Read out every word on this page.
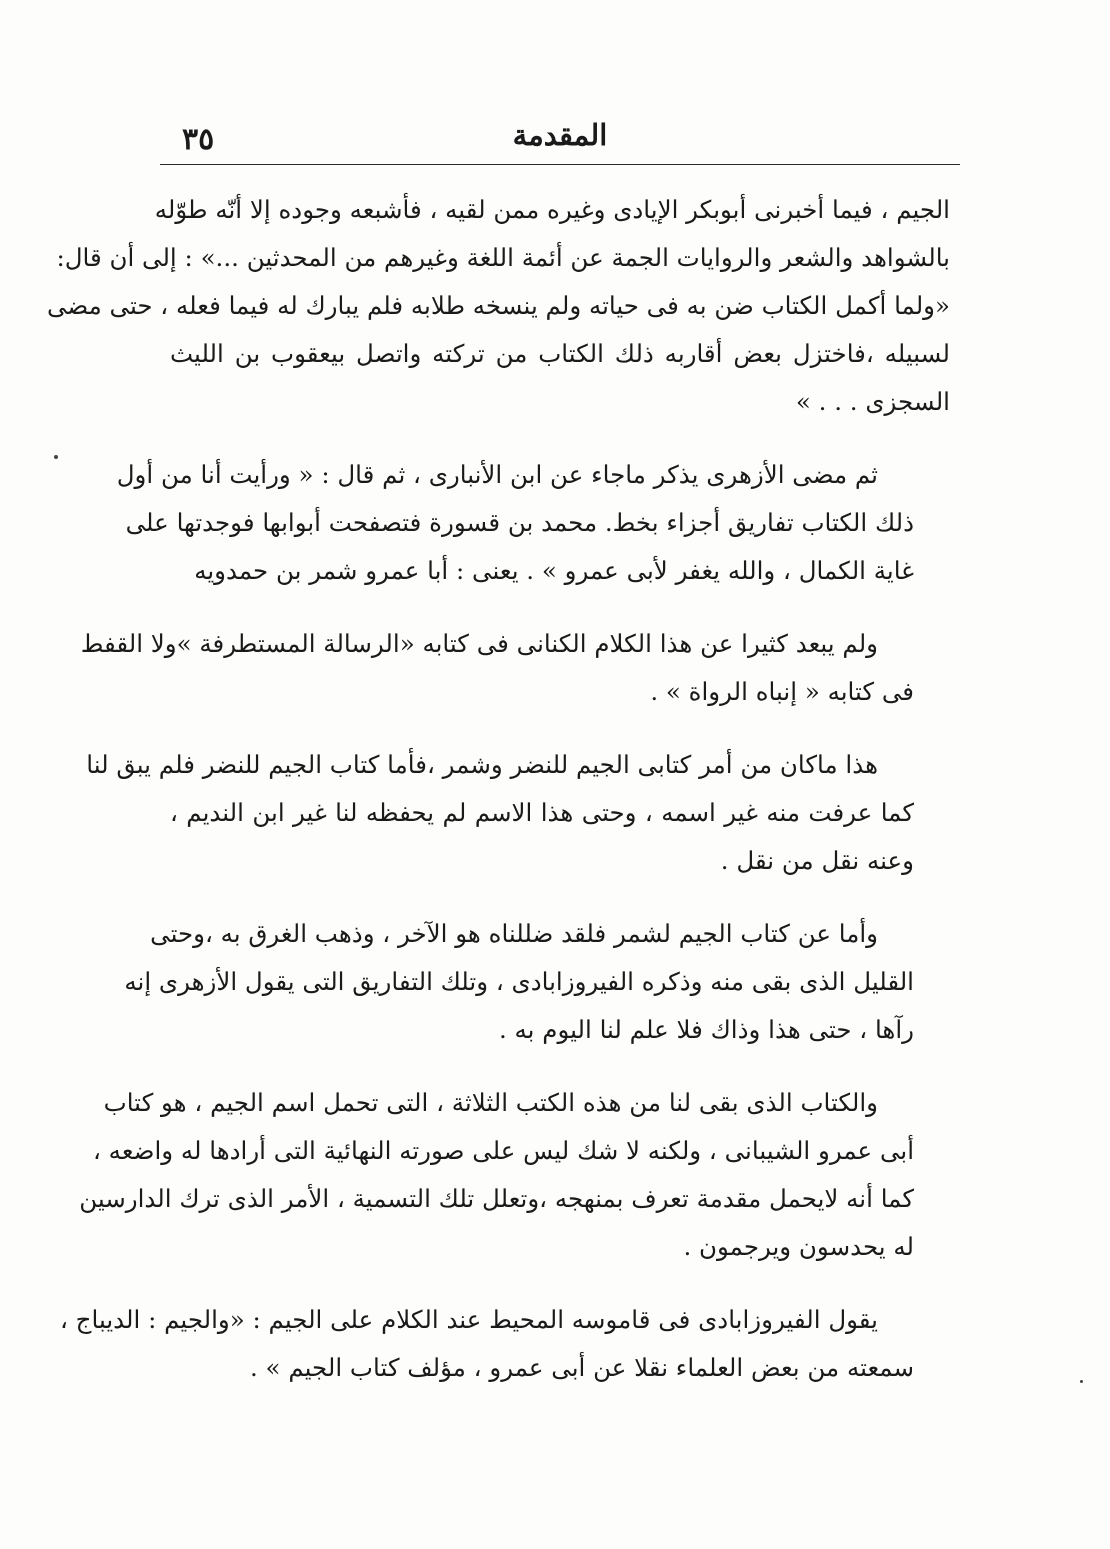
٣٥	المقدمة
الجيم ، فيما أخبرنى أبوبكر الإيادى وغيره ممن لقيه ، فأشبعه وجوده إلا أنّه طوّله
بالشواهد والشعر والروايات الجمة عن أئمة اللغة وغيرهم من المحدثين ...» : إلى أن قال:
«ولما أكمل الكتاب ضن به فى حياته ولم ينسخه طلابه فلم يبارك له فيما فعله ، حتى مضى
لسبيله ،فاختزل بعض أقاربه ذلك الكتاب من تركته واتصل بيعقوب بن الليث
السجزى . . . »
ثم مضى الأزهرى يذكر ماجاء عن ابن الأنبارى ، ثم قال : « ورأيت أنا من أول
ذلك الكتاب تفاريق أجزاء بخط. محمد بن قسورة فتصفحت أبوابها فوجدتها على
غاية الكمال ، والله يغفر لأبى عمرو » . يعنى : أبا عمرو شمر بن حمدويه
ولم يبعد كثيرا عن هذا الكلام الكنانى فى كتابه «الرسالة المستطرفة »ولا القفط
فى كتابه « إنباه الرواة » .
هذا ماكان من أمر كتابى الجيم للنضر وشمر ،فأما كتاب الجيم للنضر فلم يبق لنا
كما عرفت منه غير اسمه ، وحتى هذا الاسم لم يحفظه لنا غير ابن النديم ،
وعنه نقل من نقل .
وأما عن كتاب الجيم لشمر فلقد ضللناه هو الآخر ، وذهب الغرق به ،وحتى
القليل الذى بقى منه وذكره الفيروزابادى ، وتلك التفاريق التى يقول الأزهرى إنه
رآها ، حتى هذا وذاك فلا علم لنا اليوم به .
والكتاب الذى بقى لنا من هذه الكتب الثلاثة ، التى تحمل اسم الجيم ، هو كتاب
أبى عمرو الشيبانى ، ولكنه لا شك ليس على صورته النهائية التى أرادها له واضعه ،
كما أنه لايحمل مقدمة تعرف بمنهجه ،وتعلل تلك التسمية ، الأمر الذى ترك الدارسين
له يحدسون ويرجمون .
يقول الفيروزابادى فى قاموسه المحيط عند الكلام على الجيم : «والجيم : الديباج ،
سمعته من بعض العلماء نقلا عن أبى عمرو ، مؤلف كتاب الجيم » .
